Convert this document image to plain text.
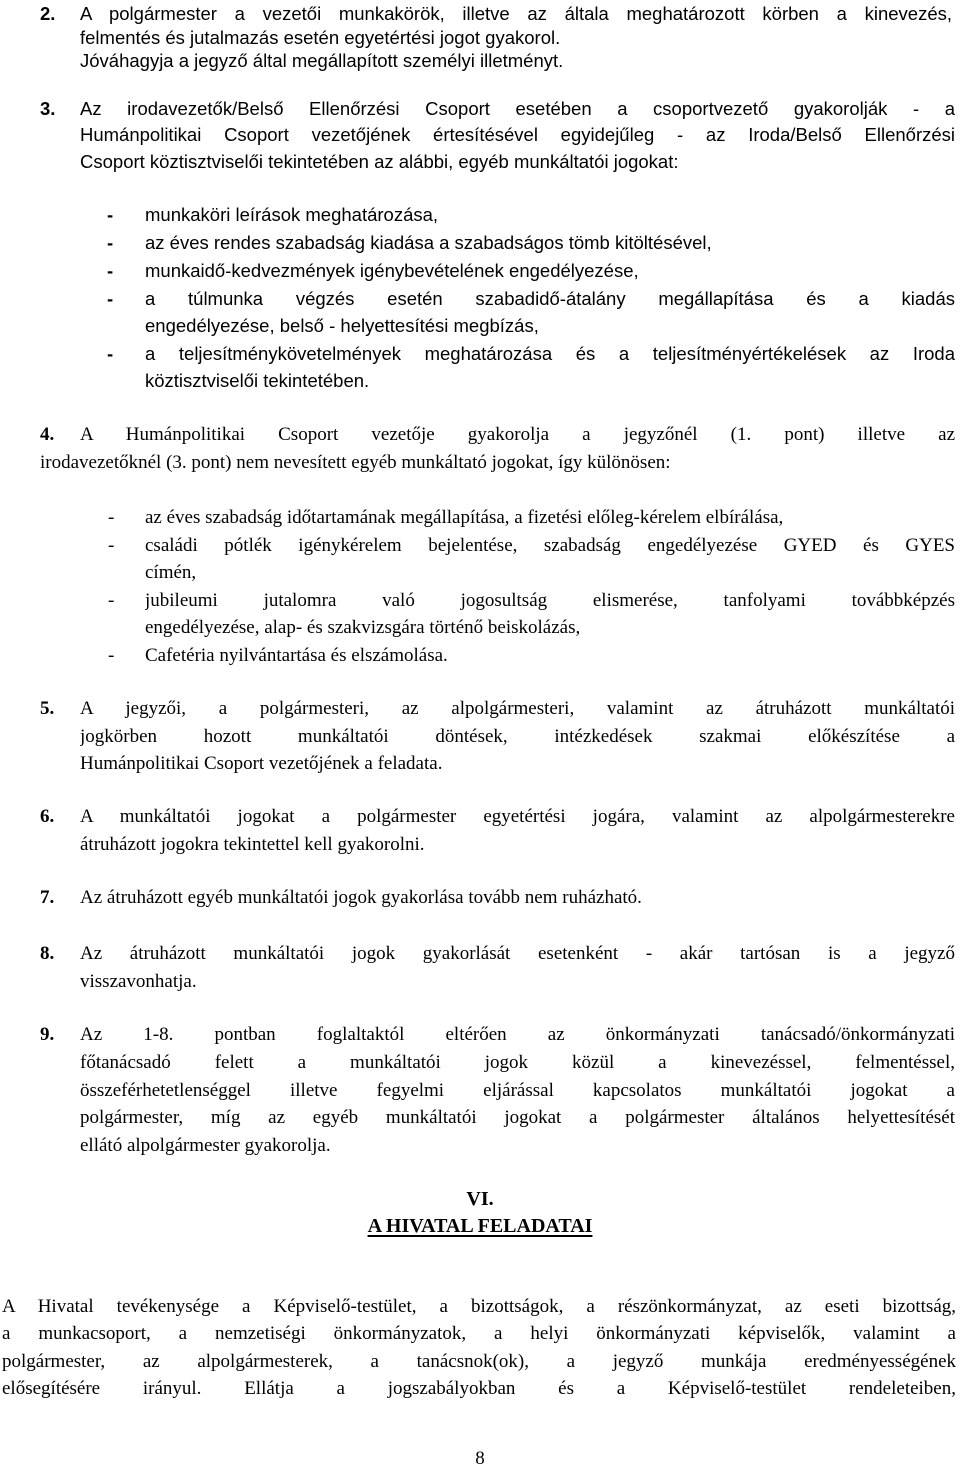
2. A polgármester a vezetői munkakörök, illetve az általa meghatározott körben a kinevezés,
felmentés és jutalmazás esetén egyetértési jogot gyakorol.
Jóváhagyja a jegyző által megállapított személyi illetményt.
3. Az irodavezetők/Belső Ellenőrzési Csoport esetében a csoportvezető gyakorolják - a
Humánpolitikai Csoport vezetőjének értesítésével egyidejűleg - az Iroda/Belső Ellenőrzési
Csoport köztisztviselői tekintetében az alábbi, egyéb munkáltatói jogokat:
- munkaköri leírások meghatározása,
- az éves rendes szabadság kiadása a szabadságos tömb kitöltésével,
- munkaidő-kedvezmények igénybevételének engedélyezése,
- a túlmunka végzés esetén szabadidő-átalány megállapítása és a kiadás
engedélyezése, belső - helyettesítési megbízás,
- a teljesítménykövetelmények meghatározása és a teljesítményértékelések az Iroda
köztisztviselői tekintetében.
4. A Humánpolitikai Csoport vezetője gyakorolja a jegyzőnél (1. pont) illetve az
irodavezetőknél (3. pont) nem nevesített egyéb munkáltató jogokat, így különösen:
- az éves szabadság időtartamának megállapítása, a fizetési előleg-kérelem elbírálása,
- családi pótlék igénykérelem bejelentése, szabadság engedélyezése GYED és GYES
címén,
- jubileumi jutalomra való jogosultság elismerése, tanfolyami továbbképzés
engedélyezése, alap- és szakvizsgára történő beiskolázás,
- Cafetéria nyilvántartása és elszámolása.
5. A jegyzői, a polgármesteri, az alpolgármesteri, valamint az átruházott munkáltatói
jogkörben hozott munkáltatói döntések, intézkedések szakmai előkészítése a
Humánpolitikai Csoport vezetőjének a feladata.
6. A munkáltatói jogokat a polgármester egyetértési jogára, valamint az alpolgármesterekre
átruházott jogokra tekintettel kell gyakorolni.
7. Az átruházott egyéb munkáltatói jogok gyakorlása tovább nem ruházható.
8. Az átruházott munkáltatói jogok gyakorlását esetenként - akár tartósan is a jegyző
visszavonhatja.
9. Az 1-8. pontban foglaltaktól eltérően az önkormányzati tanácsadó/önkormányzati
főtanácsadó felett a munkáltatói jogok közül a kinevezéssel, felmentéssel,
összeférhetetlenséggel illetve fegyelmi eljárással kapcsolatos munkáltatói jogokat a
polgármester, míg az egyéb munkáltatói jogokat a polgármester általános helyettesítését
ellátó alpolgármester gyakorolja.
VI.
A HIVATAL FELADATAI
A Hivatal tevékenysége a Képviselő-testület, a bizottságok, a részönkormányzat, az eseti bizottság,
a munkacsoport, a nemzetiségi önkormányzatok, a helyi önkormányzati képviselők, valamint a
polgármester, az alpolgármesterek, a tanácsnok(ok), a jegyző munkája eredményességének
elősegítésére irányul. Ellátja a jogszabályokban és a Képviselő-testület rendeleteiben,
8
